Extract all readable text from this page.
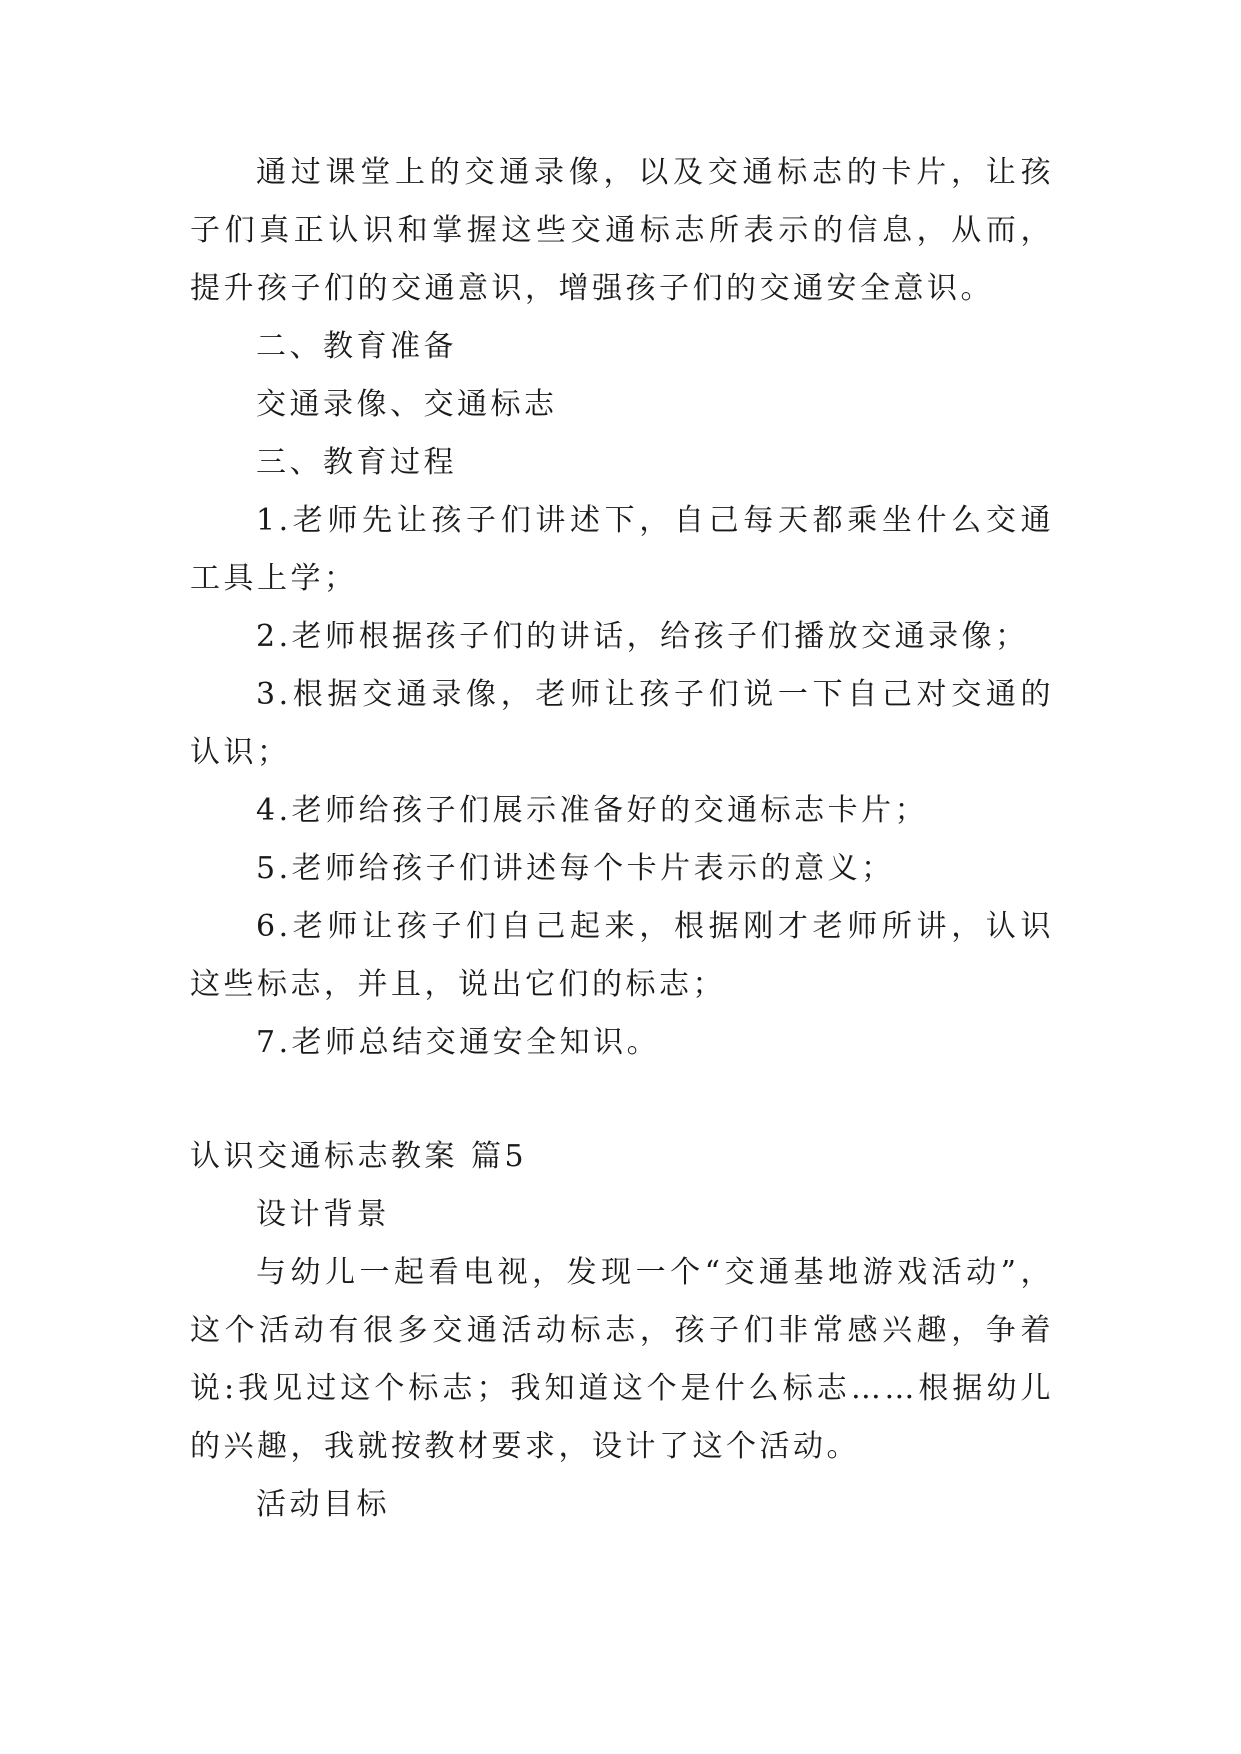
通过课堂上的交通录像，以及交通标志的卡片，让孩子们真正认识和掌握这些交通标志所表示的信息，从而，提升孩子们的交通意识，增强孩子们的交通安全意识。

二、教育准备

交通录像、交通标志

三、教育过程

1.老师先让孩子们讲述下，自己每天都乘坐什么交通工具上学；

2.老师根据孩子们的讲话，给孩子们播放交通录像；

3.根据交通录像，老师让孩子们说一下自己对交通的认识；

4.老师给孩子们展示准备好的交通标志卡片；

5.老师给孩子们讲述每个卡片表示的意义；

6.老师让孩子们自己起来，根据刚才老师所讲，认识这些标志，并且，说出它们的标志；

7.老师总结交通安全知识。

认识交通标志教案 篇5

设计背景

与幼儿一起看电视，发现一个“交通基地游戏活动”，这个活动有很多交通活动标志，孩子们非常感兴趣，争着说:我见过这个标志；我知道这个是什么标志……根据幼儿的兴趣，我就按教材要求，设计了这个活动。

活动目标
